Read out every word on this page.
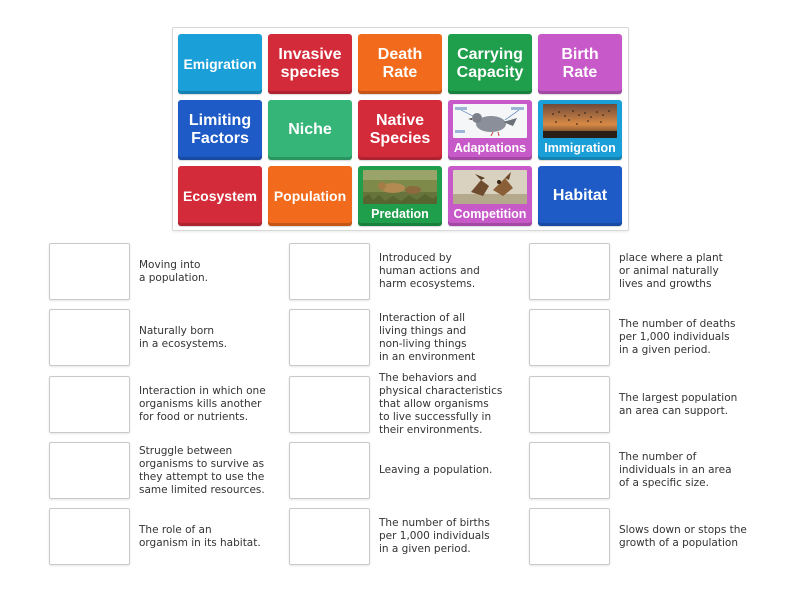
Emigration
Invasive
species
Death
Rate
Carrying
Capacity
Birth
Rate
Limiting
Factors
Niche
Native
Species
Adaptations Immigration
Ecosystem Population
Predation Competition
Habitat
Moving into
a population.
Introduced by
human actions and
harm ecosystems.
place where a plant
or animal naturally
lives and growths
Naturally born
in a ecosystems.
Interaction of all
living things and
non-living things
in an environment
The number of deaths
per 1,000 individuals
in a given period.
Interaction in which one
organisms kills another
for food or nutrients.
The behaviors and
physical characteristics
that allow organisms
to live successfully in
their environments.
The largest population
an area can support.
Struggle between
organisms to survive as
they attempt to use the
same limited resources.
Leaving a population.
The number of
individuals in an area
of a specific size.
The role of an
organism in its habitat.
The number of births
per 1,000 individuals
in a given period.
Slows down or stops the
growth of a population
